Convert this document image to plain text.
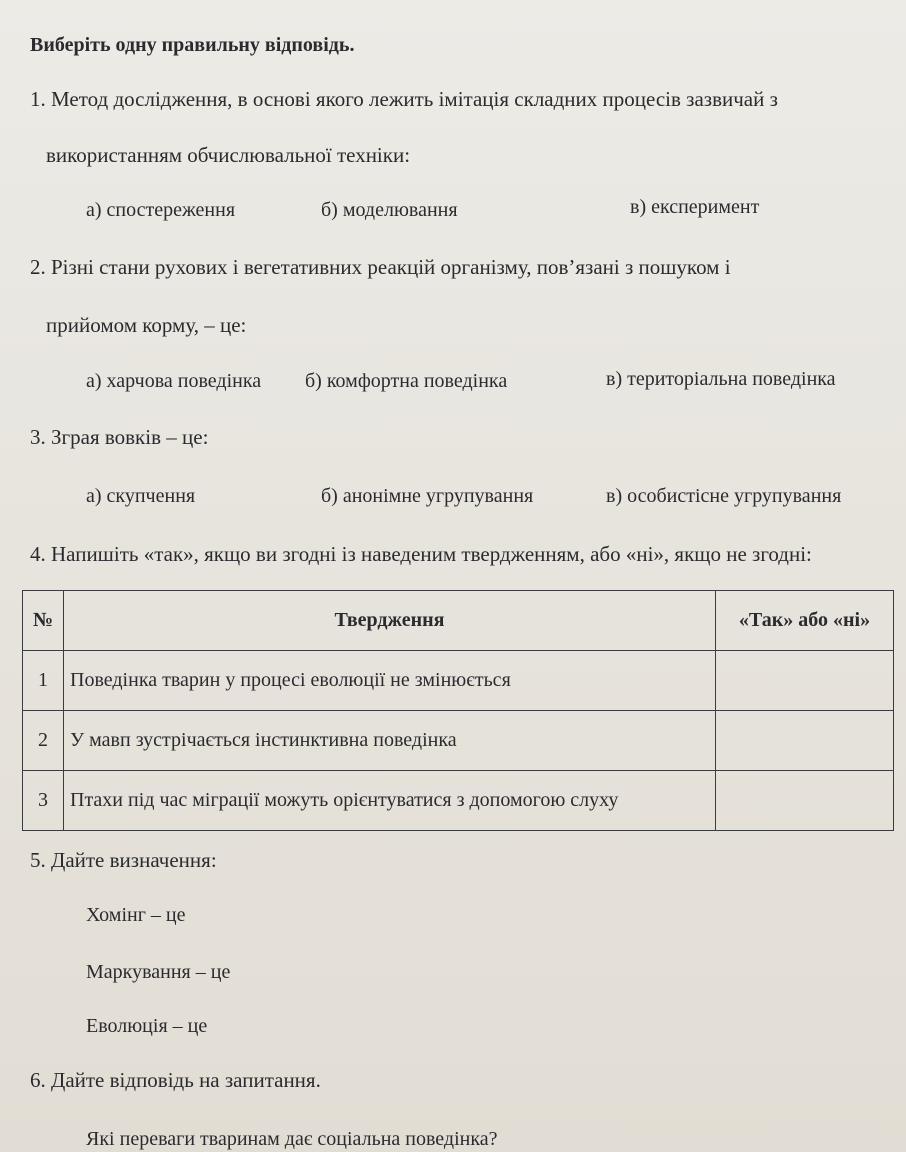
Виберіть одну правильну відповідь.
1. Метод дослідження, в основі якого лежить імітація складних процесів зазвичай з
використанням обчислювальної техніки:
а) спостереження	б) моделювання	в) експеримент
2. Різні стани рухових і вегетативних реакцій організму, пов’язані з пошуком і
прийомом корму, – це:
а) харчова поведінка б) комфортна поведінка	в) територіальна поведінка
3. Зграя вовків – це:
а) скупчення	б) анонімне угрупування	в) особистісне угрупування
4. Напишіть «так», якщо ви згодні із наведеним твердженням, або «ні», якщо не згодні:
№	Твердження	«Так» або «ні»
1	Поведінка тварин у процесі еволюції не змінюється	
2	У мавп зустрічається інстинктивна поведінка	
3	Птахи під час міграції можуть орієнтуватися з допомогою слуху	
5. Дайте визначення:
Хомінг – це
Маркування – це
Еволюція – це
6. Дайте відповідь на запитання.
Які переваги тваринам дає соціальна поведінка?
